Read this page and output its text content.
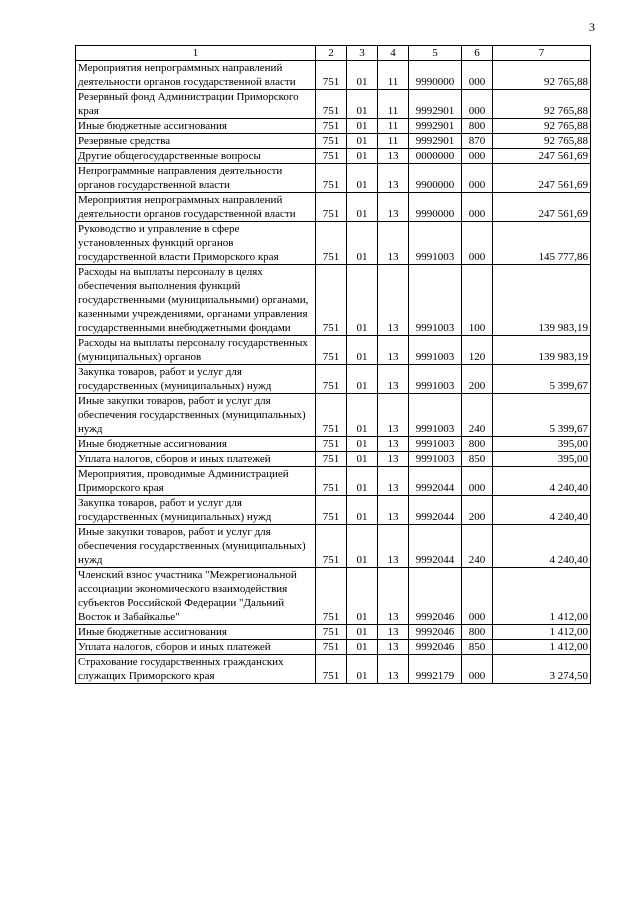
3
1	2	3	4	5	6	7
Мероприятия непрограммных направлений деятельности органов государственной власти	751	01	11	9990000	000	92 765,88
Резервный фонд Администрации Приморского края	751	01	11	9992901	000	92 765,88
Иные бюджетные ассигнования	751	01	11	9992901	800	92 765,88
Резервные средства	751	01	11	9992901	870	92 765,88
Другие общегосударственные вопросы	751	01	13	0000000	000	247 561,69
Непрограммные направления деятельности органов государственной власти	751	01	13	9900000	000	247 561,69
Мероприятия непрограммных направлений деятельности органов государственной власти	751	01	13	9990000	000	247 561,69
Руководство и управление в сфере установленных функций органов государственной власти Приморского края	751	01	13	9991003	000	145 777,86
Расходы на выплаты персоналу в целях обеспечения выполнения функций государственными (муниципальными) органами, казенными учреждениями, органами управления государственными внебюджетными фондами	751	01	13	9991003	100	139 983,19
Расходы на выплаты персоналу государственных (муниципальных) органов	751	01	13	9991003	120	139 983,19
Закупка товаров, работ и услуг для государственных (муниципальных) нужд	751	01	13	9991003	200	5 399,67
Иные закупки товаров, работ и услуг для обеспечения государственных (муниципальных) нужд	751	01	13	9991003	240	5 399,67
Иные бюджетные ассигнования	751	01	13	9991003	800	395,00
Уплата налогов, сборов и иных платежей	751	01	13	9991003	850	395,00
Мероприятия, проводимые Администрацией Приморского края	751	01	13	9992044	000	4 240,40
Закупка товаров, работ и услуг для государственных (муниципальных) нужд	751	01	13	9992044	200	4 240,40
Иные закупки товаров, работ и услуг для обеспечения государственных (муниципальных) нужд	751	01	13	9992044	240	4 240,40
Членский взнос участника "Межрегиональной ассоциации экономического взаимодействия субъектов Российской Федерации "Дальний Восток и Забайкалье"	751	01	13	9992046	000	1 412,00
Иные бюджетные ассигнования	751	01	13	9992046	800	1 412,00
Уплата налогов, сборов и иных платежей	751	01	13	9992046	850	1 412,00
Страхование государственных гражданских служащих Приморского края	751	01	13	9992179	000	3 274,50
